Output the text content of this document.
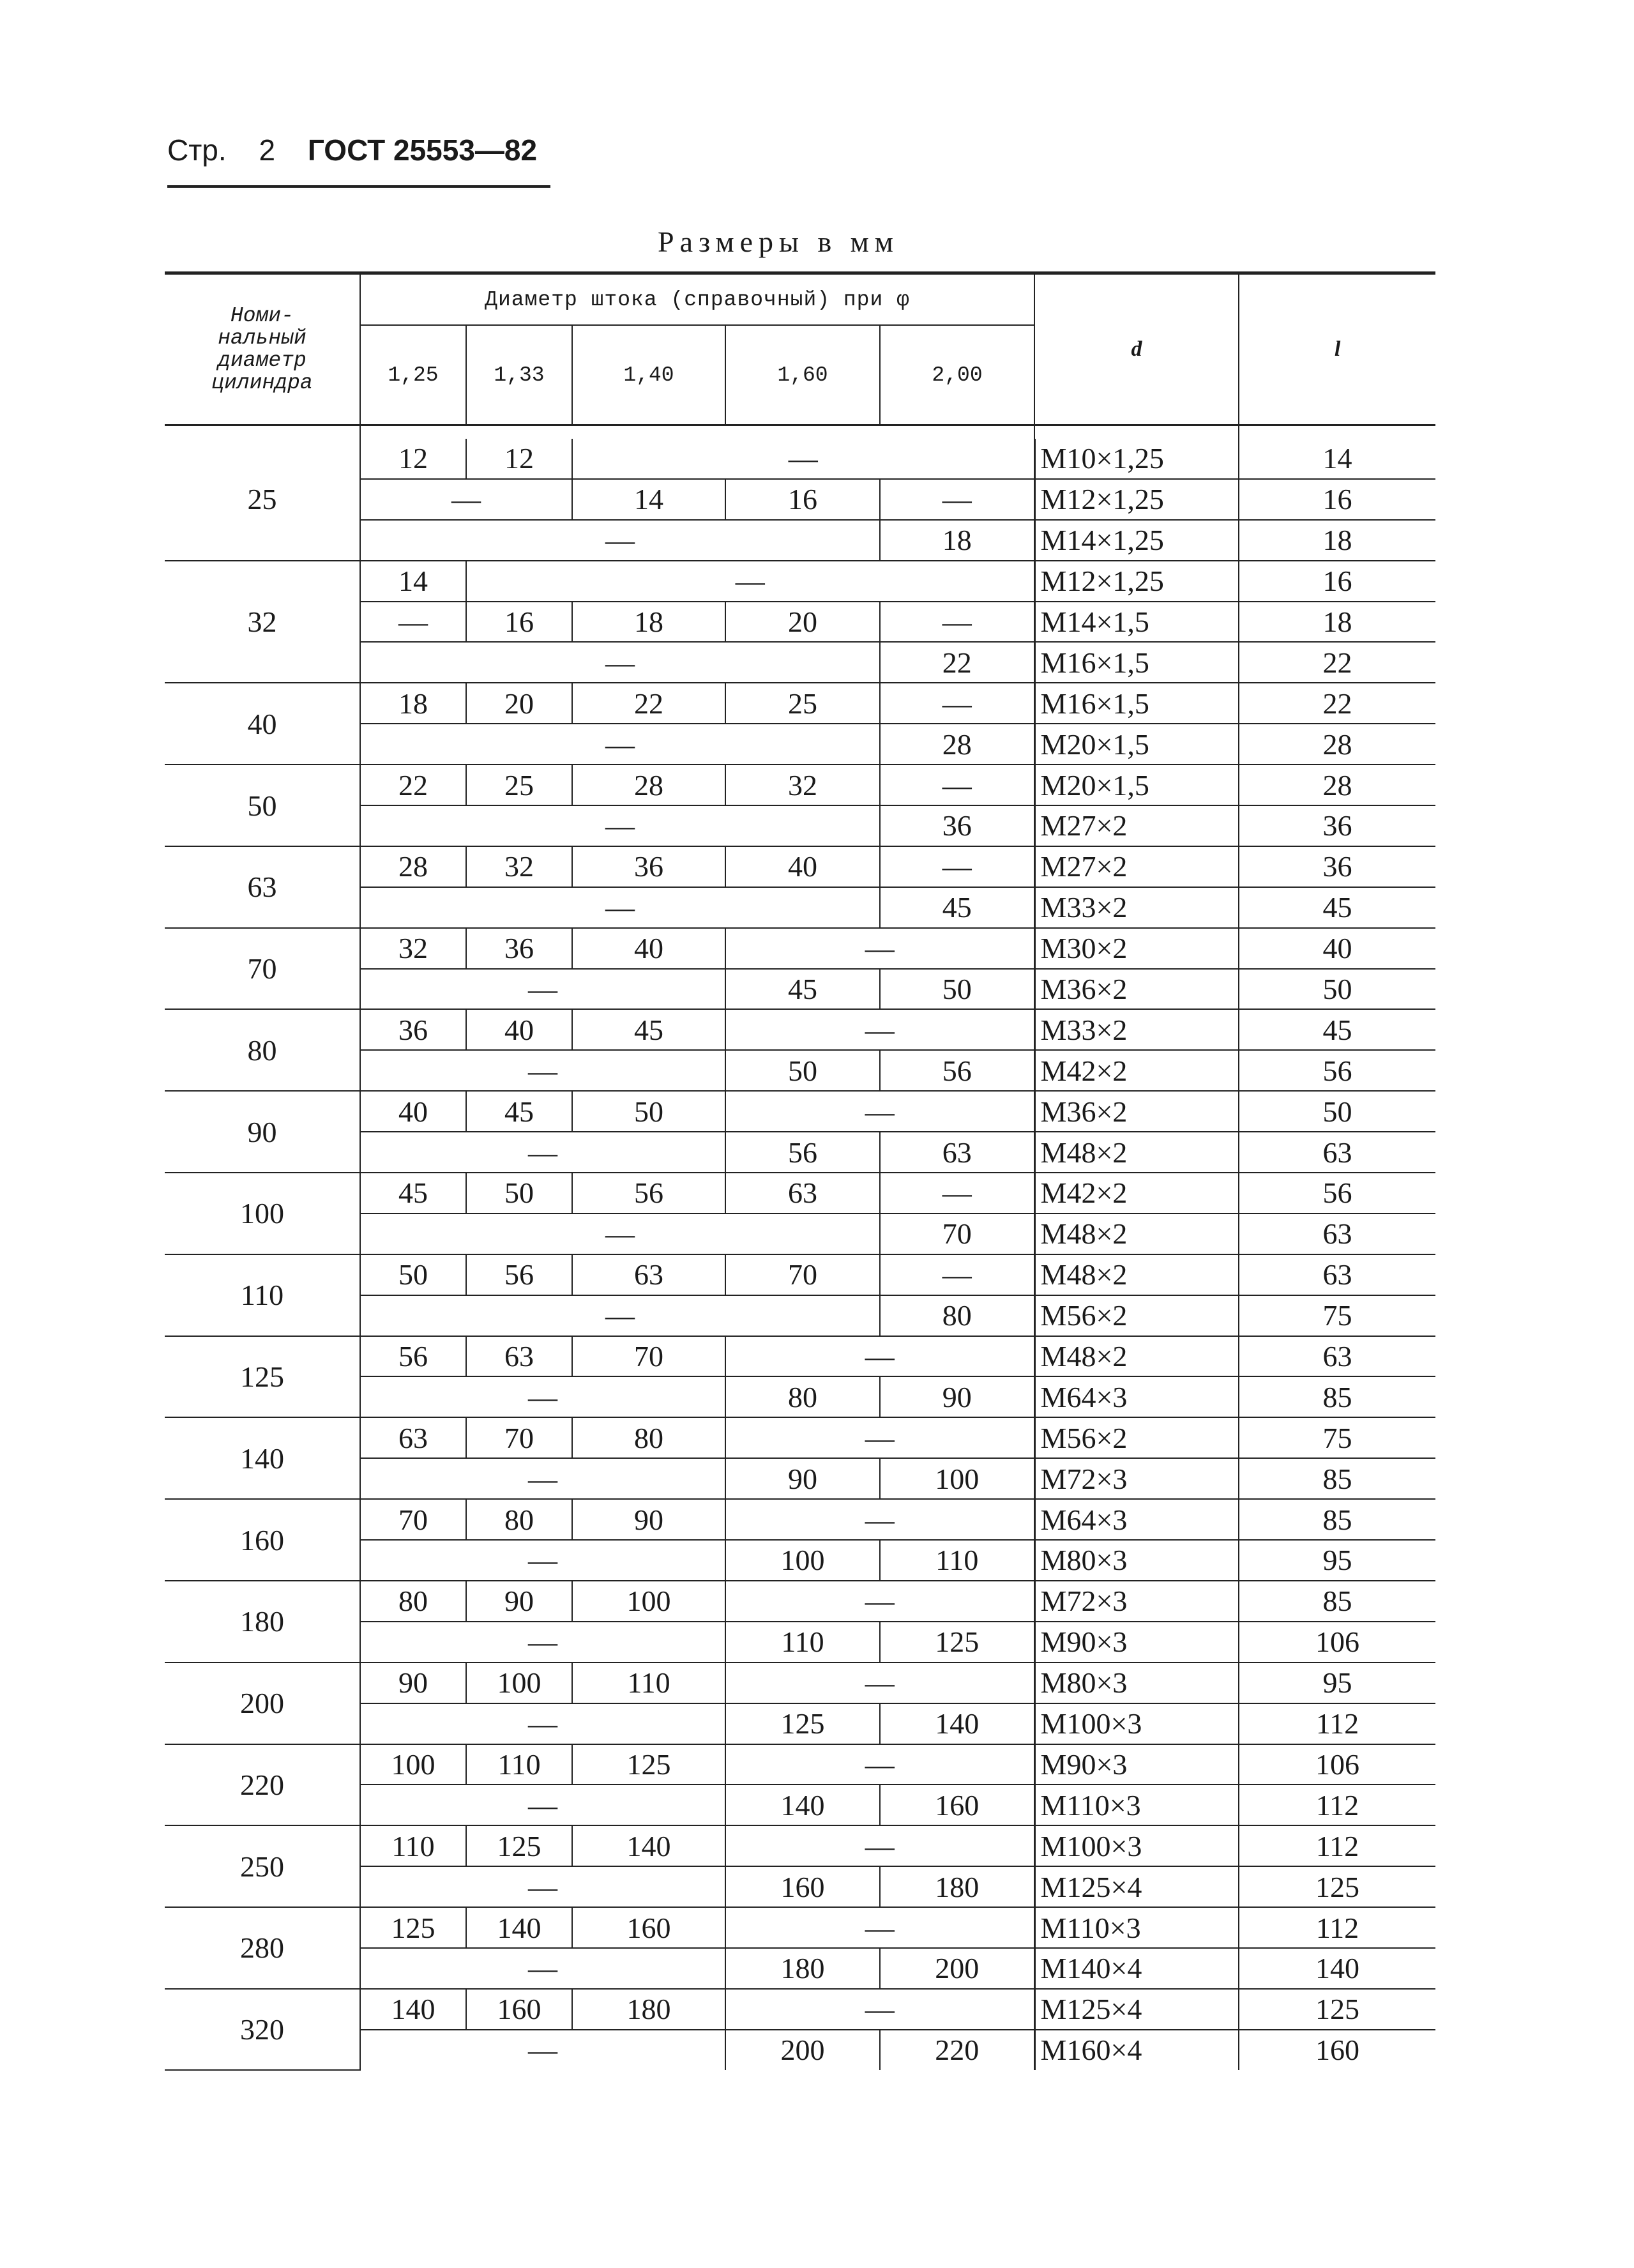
Стр. 2 ГОСТ 25553—82
Размеры в мм
Номи-
нальный
диаметр
цилиндра	Диаметр штока (справочный) при φ					d	l
	1,25	1,33	1,40	1,60	2,00		

25	12	12	—			M10×1,25	14
	—		14	16	—	M12×1,25	16
	—				18	M14×1,25	18
32	14	—				M12×1,25	16
	—	16	18	20	—	M14×1,5	18
	—				22	M16×1,5	22
40	18	20	22	25	—	M16×1,5	22
	—				28	M20×1,5	28
50	22	25	28	32	—	M20×1,5	28
	—				36	M27×2	36
63	28	32	36	40	—	M27×2	36
	—				45	M33×2	45
70	32	36	40	—		M30×2	40
	—			45	50	M36×2	50
80	36	40	45	—		M33×2	45
	—			50	56	M42×2	56
90	40	45	50	—		M36×2	50
	—			56	63	M48×2	63
100	45	50	56	63	—	M42×2	56
	—				70	M48×2	63
110	50	56	63	70	—	M48×2	63
	—				80	M56×2	75
125	56	63	70	—		M48×2	63
	—			80	90	M64×3	85
140	63	70	80	—		M56×2	75
	—			90	100	M72×3	85
160	70	80	90	—		M64×3	85
	—			100	110	M80×3	95
180	80	90	100	—		M72×3	85
	—			110	125	M90×3	106
200	90	100	110	—		M80×3	95
	—			125	140	M100×3	112
220	100	110	125	—		M90×3	106
	—			140	160	M110×3	112
250	110	125	140	—		M100×3	112
	—			160	180	M125×4	125
280	125	140	160	—		M110×3	112
	—			180	200	M140×4	140
320	140	160	180	—		M125×4	125
	—			200	220	M160×4	160
